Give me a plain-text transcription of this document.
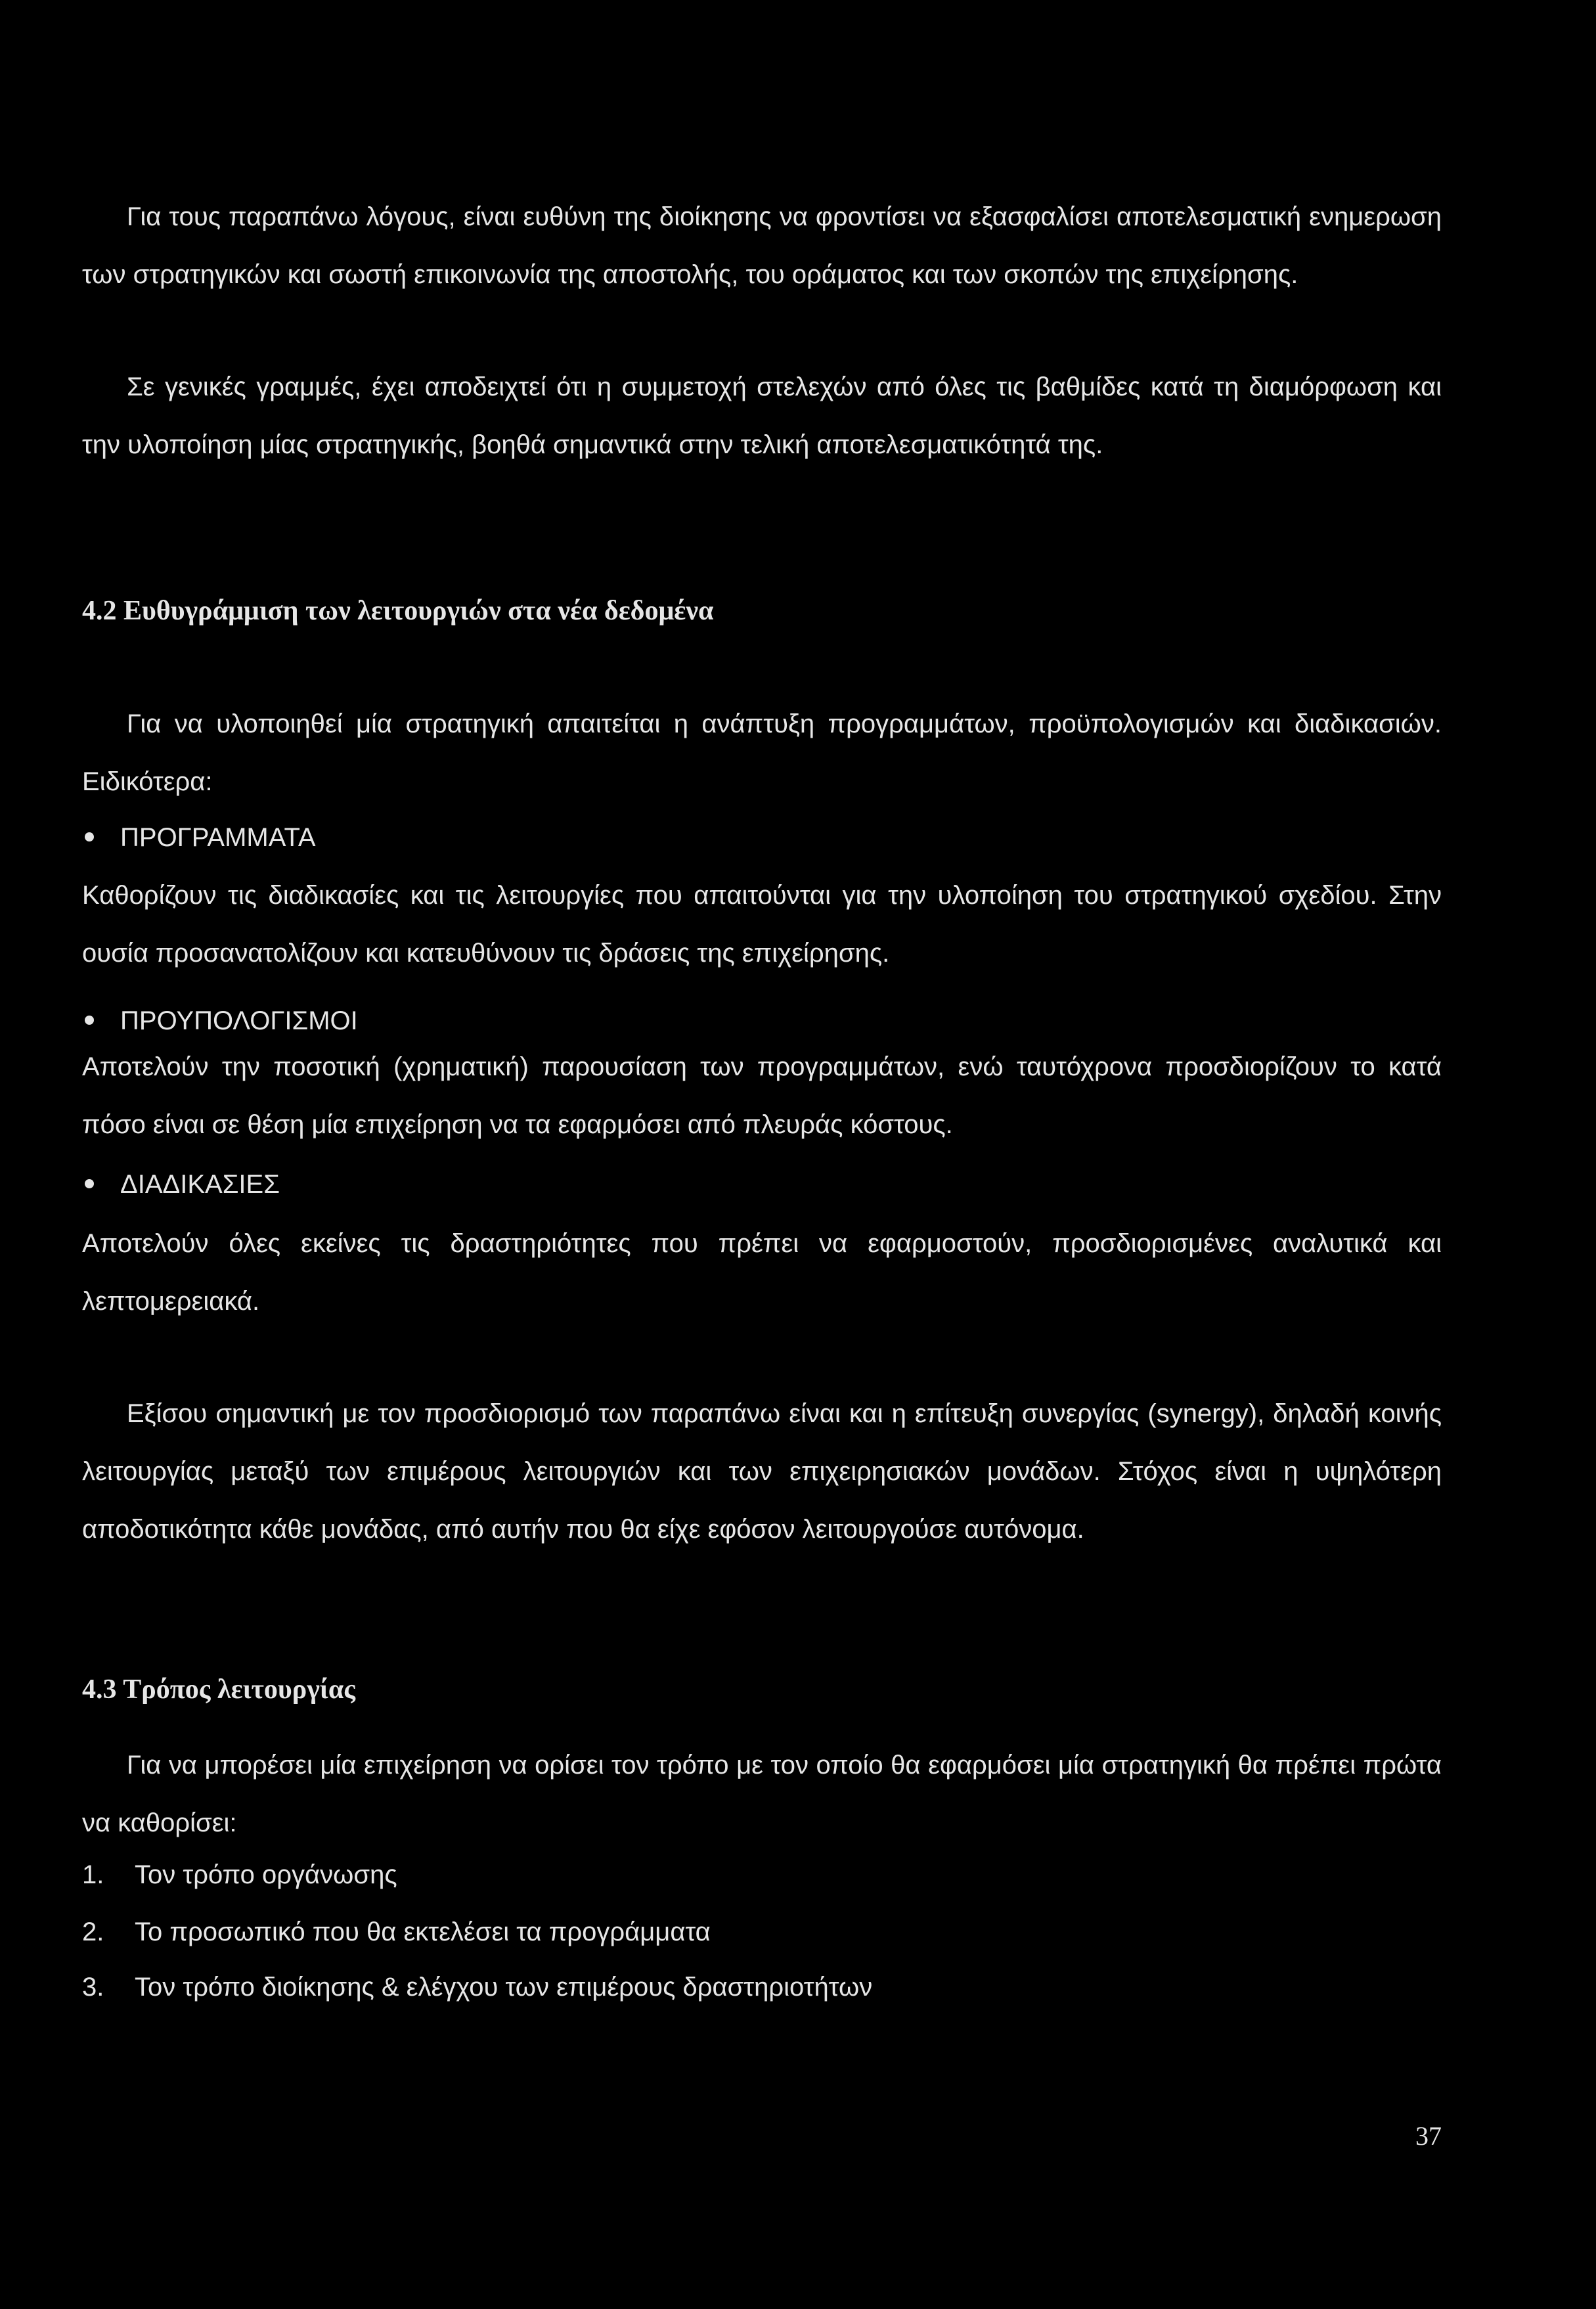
Για τους παραπάνω λόγους, είναι ευθύνη της διοίκησης να φροντίσει να εξασφαλίσει αποτελεσματική ενημερωση των στρατηγικών και σωστή επικοινωνία της αποστολής, του οράματος και των σκοπών της επιχείρησης.

Σε γενικές γραμμές, έχει αποδειχτεί ότι η συμμετοχή στελεχών από όλες τις βαθμίδες κατά τη διαμόρφωση και την υλοποίηση μίας στρατηγικής, βοηθά σημαντικά στην τελική αποτελεσματικότητά της.

4.2 Ευθυγράμμιση των λειτουργιών στα νέα δεδομένα

Για να υλοποιηθεί μία στρατηγική απαιτείται η ανάπτυξη προγραμμάτων, προϋπολογισμών και διαδικασιών. Ειδικότερα:

ΠΡΟΓΡΑΜΜΑΤΑ

Καθορίζουν τις διαδικασίες και τις λειτουργίες που απαιτούνται για την υλοποίηση του στρατηγικού σχεδίου. Στην ουσία προσανατολίζουν και κατευθύνουν τις δράσεις της επιχείρησης.

ΠΡΟΥΠΟΛΟΓΙΣΜΟΙ

Αποτελούν την ποσοτική (χρηματική) παρουσίαση των προγραμμάτων, ενώ ταυτόχρονα προσδιορίζουν το κατά πόσο είναι σε θέση μία επιχείρηση να τα εφαρμόσει από πλευράς κόστους.

ΔΙΑΔΙΚΑΣΙΕΣ

Αποτελούν όλες εκείνες τις δραστηριότητες που πρέπει να εφαρμοστούν, προσδιορισμένες αναλυτικά και λεπτομερειακά.

Εξίσου σημαντική με τον προσδιορισμό των παραπάνω είναι και η επίτευξη συνεργίας (synergy), δηλαδή κοινής λειτουργίας μεταξύ των επιμέρους λειτουργιών και των επιχειρησιακών μονάδων. Στόχος είναι η υψηλότερη αποδοτικότητα κάθε μονάδας, από αυτήν που θα είχε εφόσον λειτουργούσε αυτόνομα.

4.3 Τρόπος λειτουργίας

Για να μπορέσει μία επιχείρηση να ορίσει τον τρόπο με τον οποίο θα εφαρμόσει μία στρατηγική θα πρέπει πρώτα να καθορίσει:

1. Τον τρόπο οργάνωσης
2. Το προσωπικό που θα εκτελέσει τα προγράμματα
3. Τον τρόπο διοίκησης & ελέγχου των επιμέρους δραστηριοτήτων
37
